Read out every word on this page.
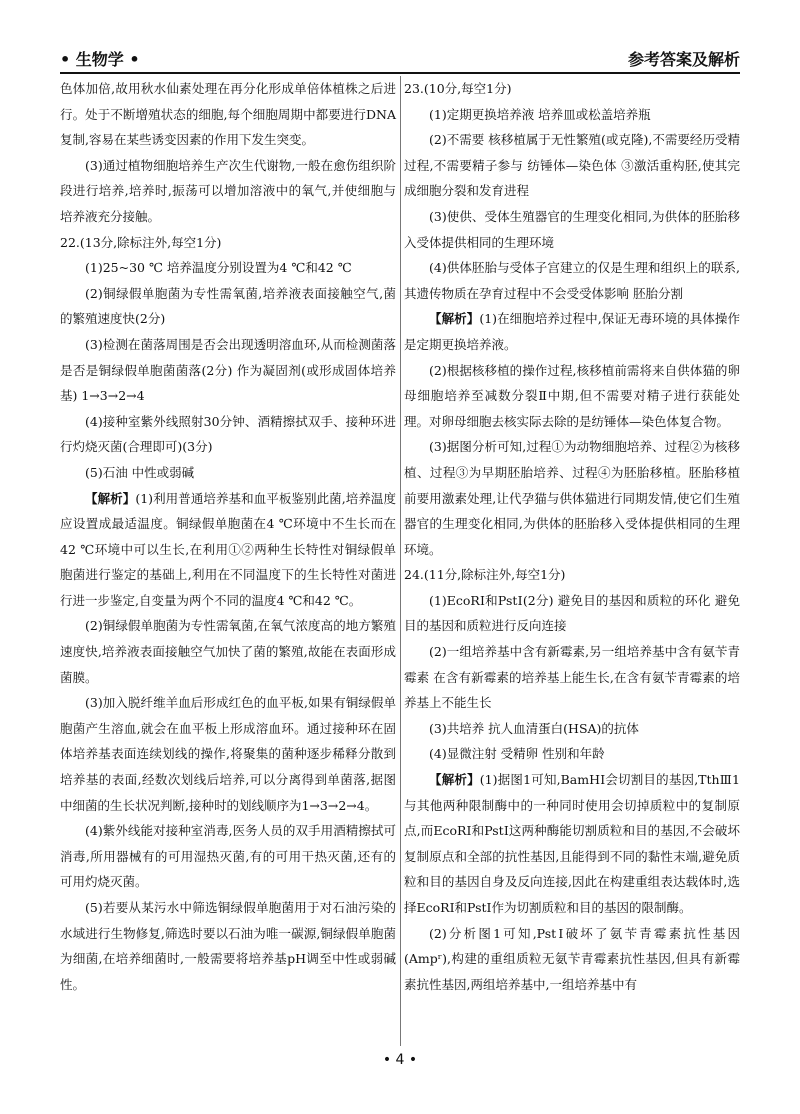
• 生物学 •	参考答案及解析

色体加倍,故用秋水仙素处理在再分化形成单倍体植株之后进行。处于不断增殖状态的细胞,每个细胞周期中都要进行DNA复制,容易在某些诱变因素的作用下发生突变。

(3)通过植物细胞培养生产次生代谢物,一般在愈伤组织阶段进行培养,培养时,振荡可以增加溶液中的氧气,并使细胞与培养液充分接触。

22.(13分,除标注外,每空1分)

(1)25~30 ℃ 培养温度分别设置为4 ℃和42 ℃

(2)铜绿假单胞菌为专性需氧菌,培养液表面接触空气,菌的繁殖速度快(2分)

(3)检测在菌落周围是否会出现透明溶血环,从而检测菌落是否是铜绿假单胞菌菌落(2分) 作为凝固剂(或形成固体培养基) 1→3→2→4

(4)接种室紫外线照射30分钟、酒精擦拭双手、接种环进行灼烧灭菌(合理即可)(3分)

(5)石油 中性或弱碱

【解析】(1)利用普通培养基和血平板鉴别此菌,培养温度应设置成最适温度。铜绿假单胞菌在4 ℃环境中不生长而在42 ℃环境中可以生长,在利用①②两种生长特性对铜绿假单胞菌进行鉴定的基础上,利用在不同温度下的生长特性对菌进行进一步鉴定,自变量为两个不同的温度4 ℃和42 ℃。

(2)铜绿假单胞菌为专性需氧菌,在氧气浓度高的地方繁殖速度快,培养液表面接触空气加快了菌的繁殖,故能在表面形成菌膜。

(3)加入脱纤维羊血后形成红色的血平板,如果有铜绿假单胞菌产生溶血,就会在血平板上形成溶血环。通过接种环在固体培养基表面连续划线的操作,将聚集的菌种逐步稀释分散到培养基的表面,经数次划线后培养,可以分离得到单菌落,据图中细菌的生长状况判断,接种时的划线顺序为1→3→2→4。

(4)紫外线能对接种室消毒,医务人员的双手用酒精擦拭可消毒,所用器械有的可用湿热灭菌,有的可用干热灭菌,还有的可用灼烧灭菌。

(5)若要从某污水中筛选铜绿假单胞菌用于对石油污染的水域进行生物修复,筛选时要以石油为唯一碳源,铜绿假单胞菌为细菌,在培养细菌时,一般需要将培养基pH调至中性或弱碱性。

23.(10分,每空1分)

(1)定期更换培养液 培养皿或松盖培养瓶

(2)不需要 核移植属于无性繁殖(或克隆),不需要经历受精过程,不需要精子参与 纺锤体—染色体 ③激活重构胚,使其完成细胞分裂和发育进程

(3)使供、受体生殖器官的生理变化相同,为供体的胚胎移入受体提供相同的生理环境

(4)供体胚胎与受体子宫建立的仅是生理和组织上的联系,其遗传物质在孕育过程中不会受受体影响 胚胎分割

【解析】(1)在细胞培养过程中,保证无毒环境的具体操作是定期更换培养液。

(2)根据核移植的操作过程,核移植前需将来自供体猫的卵母细胞培养至减数分裂Ⅱ中期,但不需要对精子进行获能处理。对卵母细胞去核实际去除的是纺锤体—染色体复合物。

(3)据图分析可知,过程①为动物细胞培养、过程②为核移植、过程③为早期胚胎培养、过程④为胚胎移植。胚胎移植前要用激素处理,让代孕猫与供体猫进行同期发情,使它们生殖器官的生理变化相同,为供体的胚胎移入受体提供相同的生理环境。

24.(11分,除标注外,每空1分)

(1)EcoRⅠ和PstⅠ(2分) 避免目的基因和质粒的环化 避免目的基因和质粒进行反向连接

(2)一组培养基中含有新霉素,另一组培养基中含有氨苄青霉素 在含有新霉素的培养基上能生长,在含有氨苄青霉素的培养基上不能生长

(3)共培养 抗人血清蛋白(HSA)的抗体

(4)显微注射 受精卵 性别和年龄

【解析】(1)据图1可知,BamHⅠ会切割目的基因,TthⅢ1与其他两种限制酶中的一种同时使用会切掉质粒中的复制原点,而EcoRⅠ和PstⅠ这两种酶能切割质粒和目的基因,不会破坏复制原点和全部的抗性基因,且能得到不同的黏性末端,避免质粒和目的基因自身及反向连接,因此在构建重组表达载体时,选择EcoRⅠ和PstⅠ作为切割质粒和目的基因的限制酶。

(2)分析图1可知,PstⅠ破坏了氨苄青霉素抗性基因(Ampʳ),构建的重组质粒无氨苄青霉素抗性基因,但具有新霉素抗性基因,两组培养基中,一组培养基中有

• 4 •
